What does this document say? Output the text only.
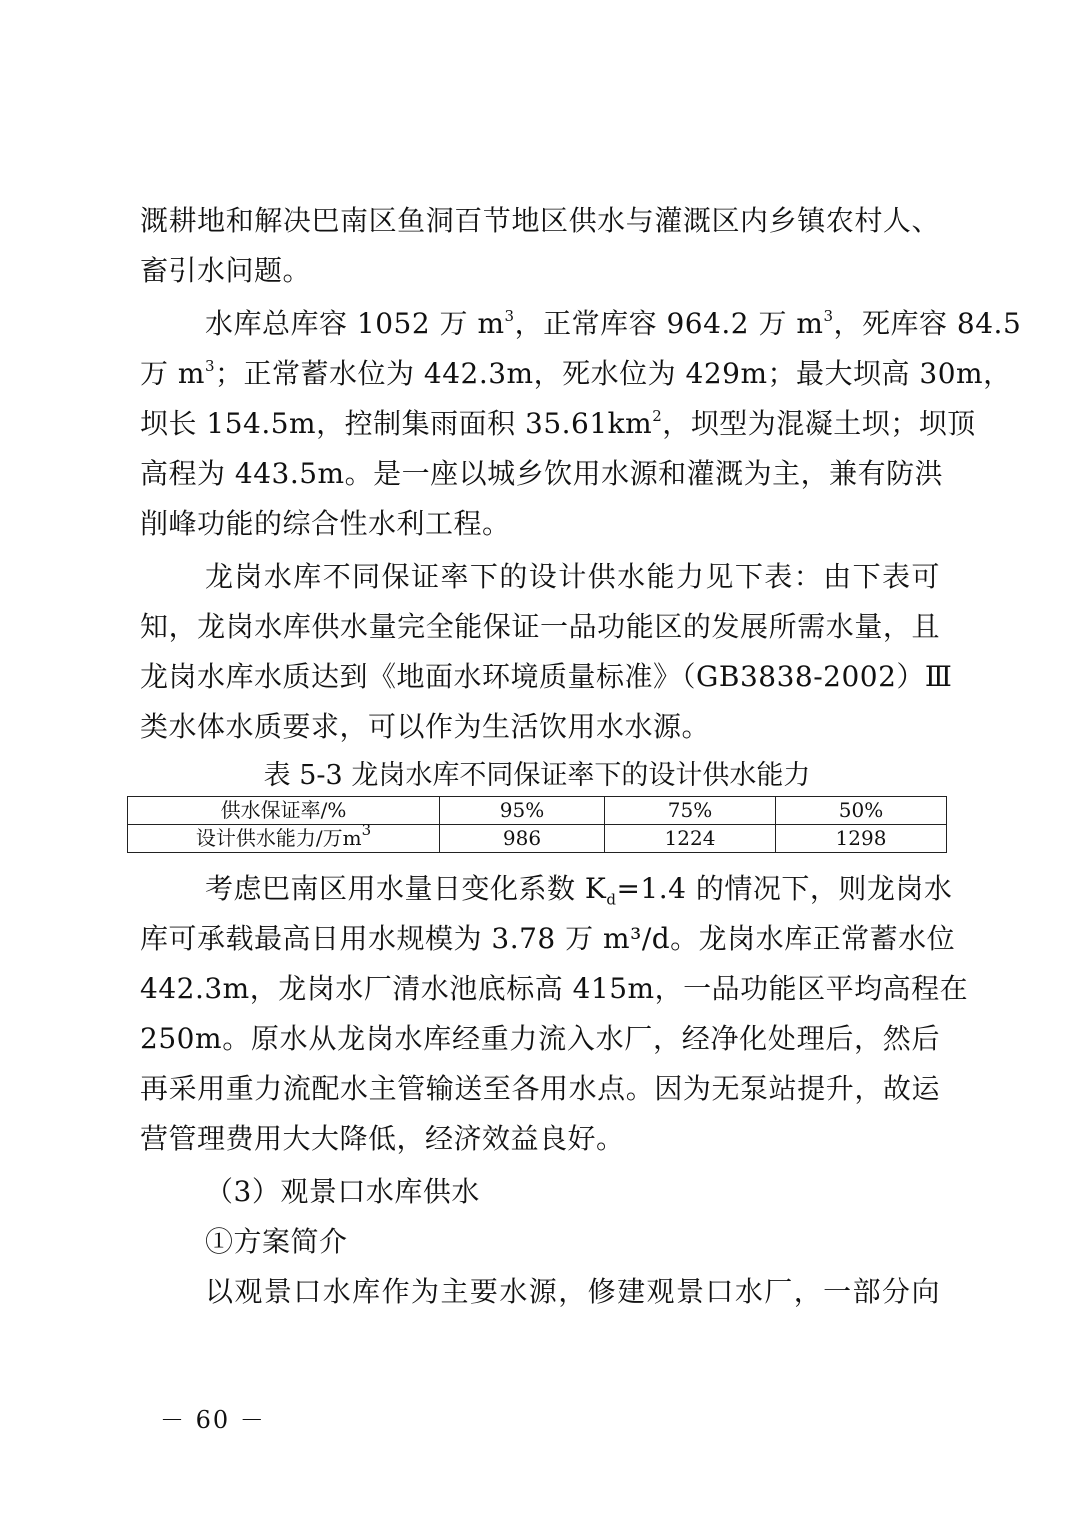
溉耕地和解决巴南区鱼洞百节地区供水与灌溉区内乡镇农村人、
畜引水问题。
水库总库容 1052 万 $m^3$，正常库容 964.2 万 $m^3$，死库容 84.5
万 $m^3$；正常蓄水位为 442.3m，死水位为 429m；最大坝高 30m，
坝长 154.5m，控制集雨面积 $35.61km^2$，坝型为混凝土坝；坝顶
高程为 443.5m。是一座以城乡饮用水源和灌溉为主，兼有防洪
削峰功能的综合性水利工程。
龙岗水库不同保证率下的设计供水能力见下表：由下表可
知，龙岗水库供水量完全能保证一品功能区的发展所需水量，且
龙岗水库水质达到《地面水环境质量标准》（GB3838-2002）Ⅲ
类水体水质要求，可以作为生活饮用水水源。
表 5-3 龙岗水库不同保证率下的设计供水能力
供水保证率/%	95%	75%	50%
设计供水能力/万$m^3$	986	1224	1298
考虑巴南区用水量日变化系数 $K_d=1.4$ 的情况下，则龙岗水
库可承载最高日用水规模为 3.78 万 m³/d。龙岗水库正常蓄水位
442.3m，龙岗水厂清水池底标高 415m，一品功能区平均高程在
250m。原水从龙岗水库经重力流入水厂，经净化处理后，然后
再采用重力流配水主管输送至各用水点。因为无泵站提升，故运
营管理费用大大降低，经济效益良好。
（3）观景口水库供水
①方案简介
以观景口水库作为主要水源，修建观景口水厂，一部分向
－ 60 －
